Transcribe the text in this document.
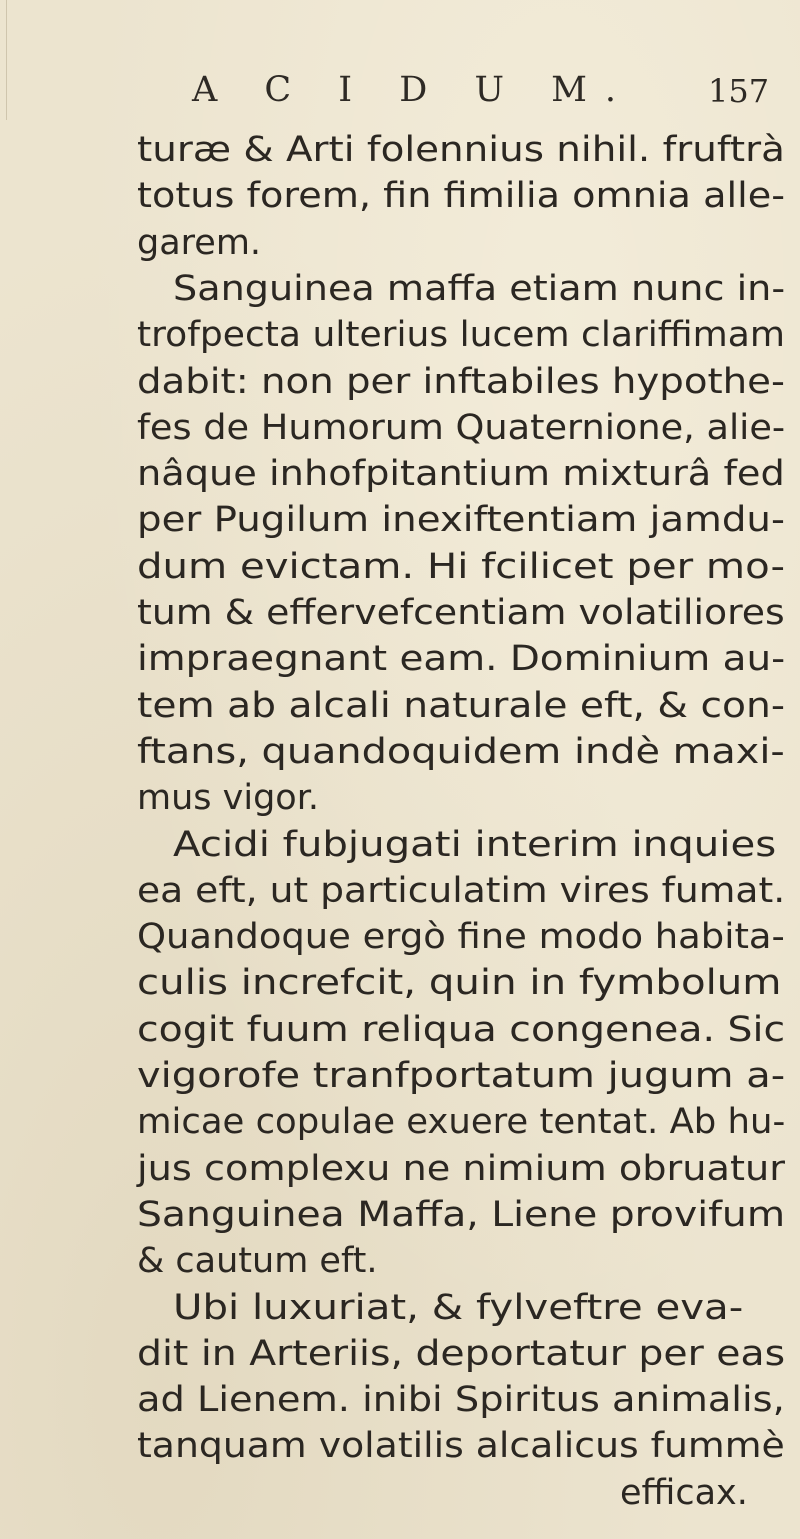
A C I D U M. 157
turæ & Arti folennius nihil. fruftrà
totus forem, fin fimilia omnia alle-
garem.
Sanguinea maffa etiam nunc in-
trofpectа ulterius lucem clariffimam
dabit: non per inftabiles hypothe-
fes de Humorum Quaternione, alie-
nâque inhofpitantium mixturâ fed
per Pugilum inexiftentiam jamdu-
dum evictam. Hi fcilicet per mo-
tum & effervefcentiam volatiliores
impraegnant eam. Dominium au-
tem ab alcali naturale eft, & con-
ftans, quandoquidem indè maxi-
mus vigor.
Acidi fubjugati interim inquies
ea eft, ut particulatim vires fumat.
Quandoque ergò fine modo habita-
culis increfcit, quin in fymbolum
cogit fuum reliqua congenea. Sic
vigorofe tranfportatum jugum a-
micae copulae exuere tentat. Ab hu-
jus complexu ne nimium obruatur
Sanguinea Maffa, Liene provifum
& cautum eft.
Ubi luxuriat, & fylveftre eva-
dit in Arteriis, deportatur per eas
ad Lienem. inibi Spiritus animalis,
tanquam volatilis alcalicus fummè
efficax.
